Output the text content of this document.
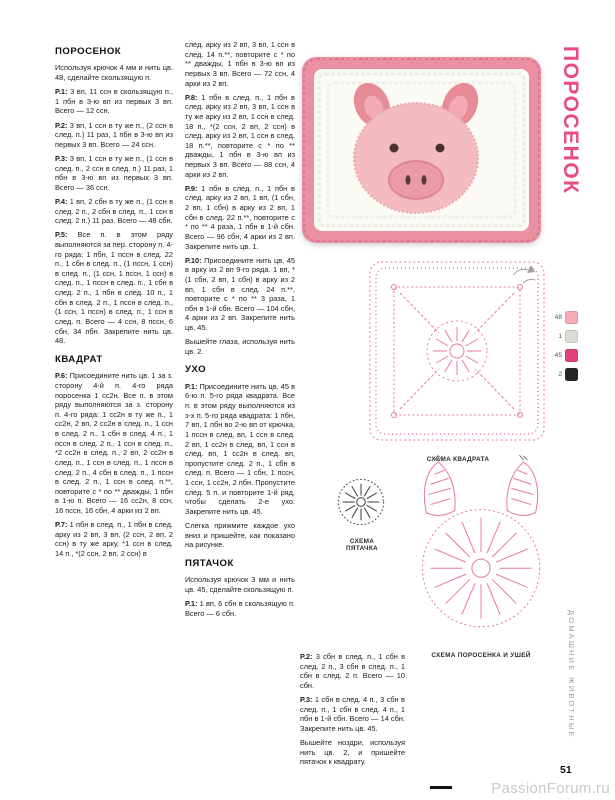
ПОРОСЕНОК

Используя крючок 4 мм и нить цв. 48, сделайте скользящую п.

Р.1: 3 вп, 11 ссн в скользящую п., 1 пбн в 3-ю вп из первых 3 вп. Всего — 12 ссн.

Р.2: 3 вп, 1 ссн в ту же п., (2 ссн в след. п.) 11 раз, 1 пбн в 3-ю вп из первых 3 вп. Всего — 24 ссн.

Р.3: 3 вп, 1 ссн в ту же п., (1 ссн в след. п., 2 ссн в след. п.) 11 раз, 1 пбн в 3-ю вп из первых 3 вп. Всего — 36 ссн.

Р.4: 1 вп, 2 сбн в ту же п., (1 ссн в след. 2 п., 2 сбн в след. п., 1 ссн в след. 2 п.) 11 раз. Всего — 48 сбн.

Р.5: Все п. в этом ряду выполняются за пер. сторону п. 4-го ряда: 1 пбн, 1 пссн в след. 22 п., 1 сбн в след. п., (1 пссн, 1 ссн) в след. п., (1 ссн, 1 пссн, 1 ссн) в след. п., 1 пссн в след. п., 1 сбн в след. 2 п., 1 пбн в след. 10 п., 1 сбн в след. 2 п., 1 пссн в след. п., (1 ссн, 1 пссн) в след. п., 1 ссн в след. п. Всего — 4 ссн, 8 пссн, 6 сбн, 34 пбн. Закрепите нить цв. 48.

КВАДРАТ

Р.6: Присоедините нить цв. 1 за з. сторону 4-й п. 4-го ряда поросенка 1 сс2н. Все п. в этом ряду выполняются за з. сторону п. 4-го ряда: 1 сс2н в ту же п., 1 сс2н, 2 вп, 2 сс2н в след. п., 1 ссн в след. 2 п., 1 сбн в след. 4 п., 1 пссн в след. 2 п., 1 ссн в след. п., *2 сс2н в след. п., 2 вп, 2 сс2н в след. п., 1 ссн в след. п., 1 пссн в след. 2 п., 4 сбн в след. п., 1 пссн в след. 2 п., 1 ссн в след. п.**, повторите с * по ** дважды, 1 пбн в 1-ю п. Всего — 16 сс2н, 8 ссн, 16 пссн, 16 сбн, 4 арки из 2 вп.

Р.7: 1 пбн в след. п., 1 пбн в след. арку из 2 вп, 3 вп, (2 ссн, 2 вп, 2 ссн) в ту же арку, *1 ссн в след. 14 п., *(2 ссн, 2 вп, 2 ссн) в

след. арку из 2 вп, 3 вп, 1 ссн в след. 14 п.**, повторите с * по ** дважды, 1 пбн в 3-ю вп из первых 3 вп. Всего — 72 ссн, 4 арки из 2 вп.

Р.8: 1 пбн в след. п., 1 пбн в след. арку из 2 вп, 3 вп, 1 ссн в ту же арку из 2 вп, 1 ссн в след. 18 п., *(2 ссн, 2 вп, 2 ссн) в след. арку из 2 вп, 1 ссн в след. 18 п.**, повторите с * по ** дважды, 1 пбн в 3-ю вп из первых 3 вп. Всего — 88 ссн, 4 арки из 2 вп.

Р.9: 1 пбн в след. п., 1 пбн в след. арку из 2 вп, 1 вп, (1 сбн, 2 вп, 1 сбн) в арку из 2 вп, 1 сбн в след. 22 п.**, повторите с * по ** 4 раза, 1 пбн в 1-й сбн. Всего — 96 сбн, 4 арки из 2 вп. Закрепите нить цв. 1.

Р.10: Присоедините нить цв. 45 в арку из 2 вп 9-го ряда. 1 вп, *(1 сбн, 2 вп, 1 сбн) в арку из 2 вп, 1 сбн в след. 24 п.**, повторите с * по ** 3 раза, 1 пбн в 1-й сбн. Всего — 104 сбн, 4 арки из 2 вп. Закрепите нить цв. 45.

Вышейте глаза, используя нить цв. 2.

УХО

Р.1: Присоедините нить цв. 45 в 6-ю п. 5-го ряда квадрата. Все п. в этом ряду выполняются из з-х п. 5-го ряда квадрата: 1 пбн, 7 вп, 1 пбн во 2-ю вп от крючка, 1 пссн в след. вп, 1 ссн в след. 2 вп, 1 сс2н в след. вп, 1 ссн в след. вп, 1 сс2н в след. вп, пропустите след. 2 п., 1 сбн в след. п. Всего — 1 сбн, 1 пссн, 1 ссн, 1 сс2н, 2 пбн. Пропустите след. 5 п. и повторите 1-й ряд, чтобы сделать 2-е ухо. Закрепите нить цв. 45.

Слегка прижмите каждое ухо вниз и пришейте, как показано на рисунке.

ПЯТАЧОК

Используя крючок 3 мм и нить цв. 45, сделайте скользящую п.

Р.1: 1 вп, 6 сбн в скользящую п. Всего — 6 сбн.

Р.2: 3 сбн в след. п., 1 сбн в след. 2 п., 3 сбн в след. п., 1 сбн в след. 2 п. Всего — 10 сбн.

Р.3: 1 сбн в след. 4 п., 3 сбн в след. п., 1 сбн в след. 4 п., 1 пбн в 1-й сбн. Всего — 14 сбн. Закрепите нить цв. 45.

Вышейте ноздри, используя нить цв. 2, и пришейте пятачок к квадрату.

СХЕМА КВАДРАТА
48
1
45
2
СХЕМА ПЯТАЧКА
СХЕМА ПОРОСЕНКА И УШЕЙ
ПОРОСЕНОК
ДОМАШНИЕ ЖИВОТНЫЕ
51
PassionForum.ru
